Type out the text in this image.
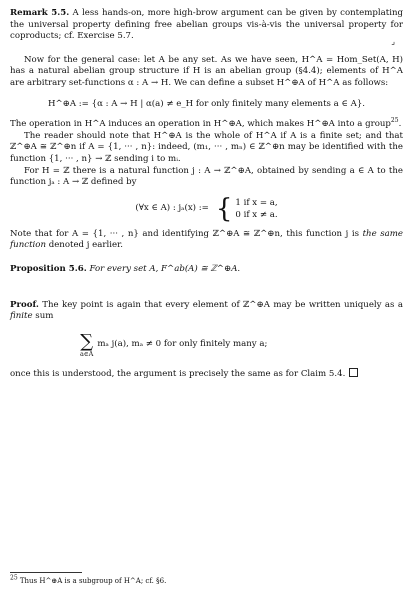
Remark 5.5. A less hands-on, more high-brow argument can be given by contemplating the universal property defining free abelian groups vis-à-vis the universal property for coproducts; cf. Exercise 5.7.

⌟

Now for the general case: let A be any set. As we have seen, H^A = Hom_Set(A, H) has a natural abelian group structure if H is an abelian group (§4.4); elements of H^A are arbitrary set-functions α : A → H. We can define a subset H^⊕A of H^A as follows:

H^⊕A := {α : A → H | α(a) ≠ e_H for only finitely many elements a ∈ A}.

The operation in H^A induces an operation in H^⊕A, which makes H^⊕A into a group$^{25}$.

The reader should note that H^⊕A is the whole of H^A if A is a finite set; and that ℤ^⊕A ≅ ℤ^⊕n if A = {1, ··· , n}: indeed, (m₁, ··· , mₙ) ∈ ℤ^⊕n may be identified with the function {1, ··· , n} → ℤ sending i to mᵢ.

For H = ℤ there is a natural function j : A → ℤ^⊕A, obtained by sending a ∈ A to the function jₐ : A → ℤ defined by

(∀x ∈ A) : jₐ(x) := { 1 if x = a,
0 if x ≠ a.

Note that for A = {1, ··· , n} and identifying ℤ^⊕A ≅ ℤ^⊕n, this function j is the same function denoted j earlier.

Proposition 5.6. For every set A, F^ab(A) ≅ ℤ^⊕A.

Proof. The key point is again that every element of ℤ^⊕A may be written uniquely as a finite sum

∑
a∈A
mₐ j(a), mₐ ≠ 0 for only finitely many a;

once this is understood, the argument is precisely the same as for Claim 5.4.

$^{25}$ Thus H^⊕A is a subgroup of H^A; cf. §6.
